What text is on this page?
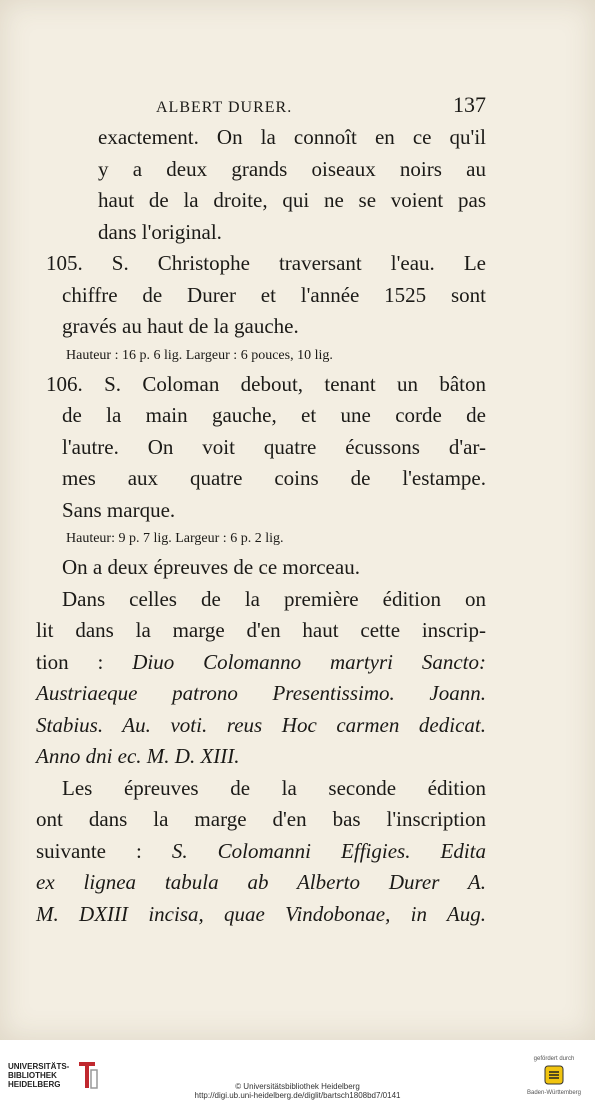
ALBERT DURER.	137
exactement. On la connoît en ce qu'il
y a deux grands oiseaux noirs au
haut de la droite, qui ne se voient pas
dans l'original.
105. S. Christophe traversant l'eau. Le
chiffre de Durer et l'année 1525 sont
gravés au haut de la gauche.
Hauteur : 16 p. 6 lig. Largeur : 6 pouces, 10 lig.
106. S. Coloman debout, tenant un bâton
de la main gauche, et une corde de
l'autre. On voit quatre écussons d'ar-
mes aux quatre coins de l'estampe.
Sans marque.
Hauteur: 9 p. 7 lig. Largeur : 6 p. 2 lig.
On a deux épreuves de ce morceau.
Dans celles de la première édition on
lit dans la marge d'en haut cette inscrip-
tion : Diuo Colomanno martyri Sancto:
Austriaeque patrono Presentissimo. Joann.
Stabius. Au. voti. reus Hoc carmen dedicat.
Anno dni ec. M. D. XIII.
Les épreuves de la seconde édition
ont dans la marge d'en bas l'inscription
suivante : S. Colomanni Effigies. Edita
ex lignea tabula ab Alberto Durer A.
M. DXIII incisa, quae Vindobonae, in Aug.
UNIVERSITÄTS-
BIBLIOTHEK
HEIDELBERG	© Universitätsbibliothek Heidelberg
http://digi.ub.uni-heidelberg.de/diglit/bartsch1808bd7/0141
gefördert durch
Baden-Württemberg
